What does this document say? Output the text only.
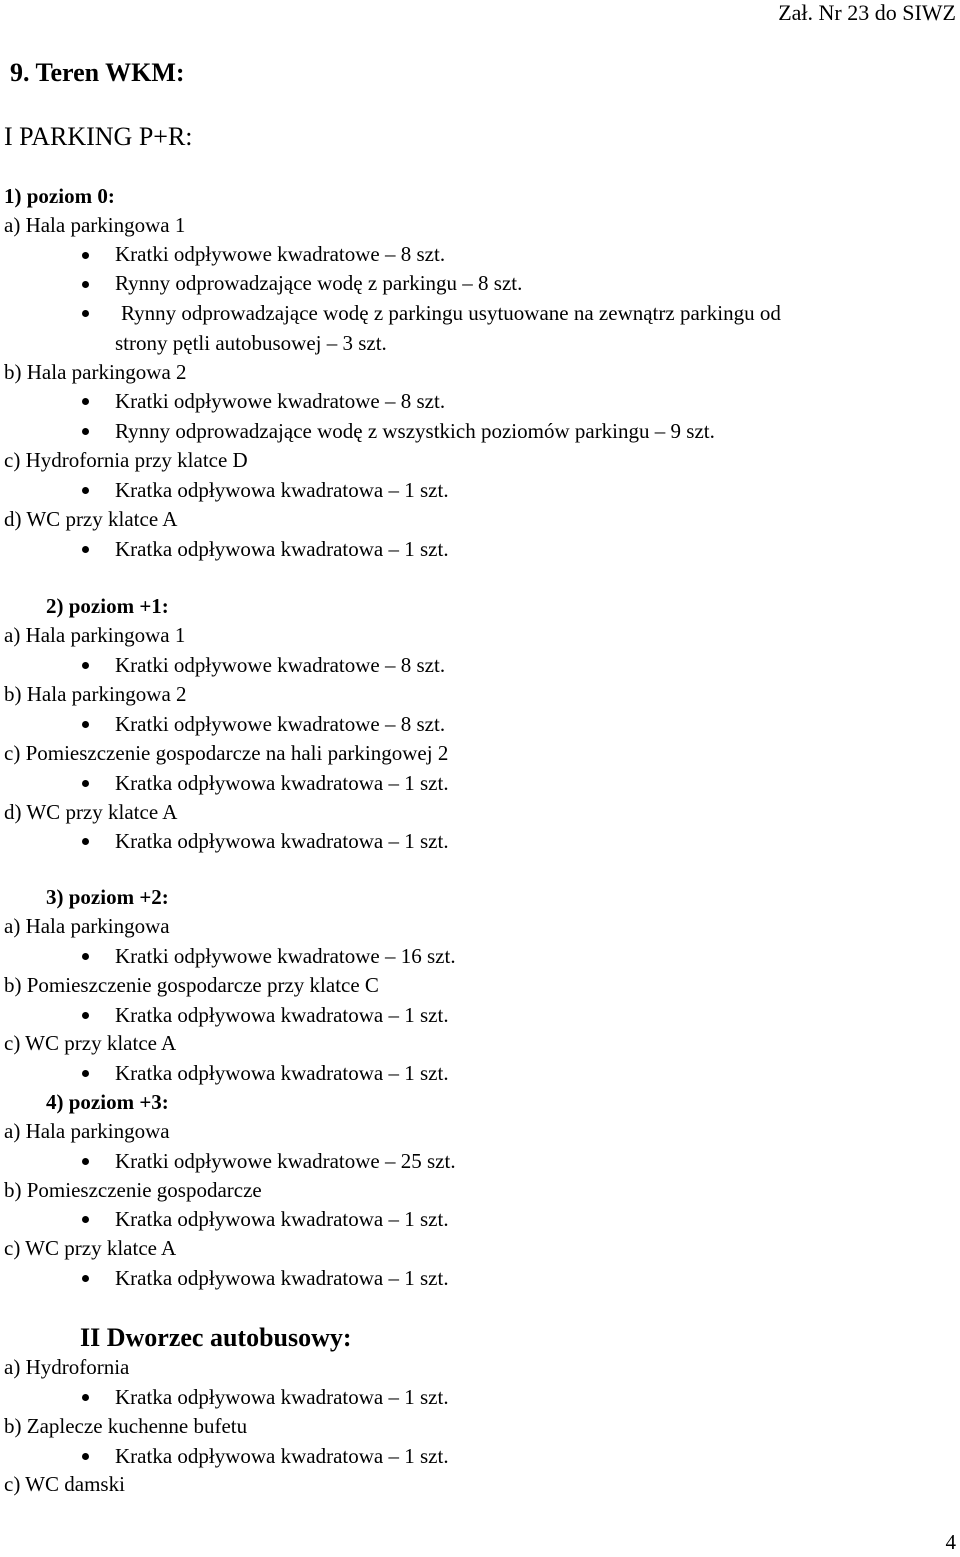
Zał. Nr 23 do SIWZ
9. Teren WKM:
I PARKING P+R:
1) poziom 0:
a) Hala parkingowa 1
Kratki odpływowe kwadratowe – 8 szt.
Rynny odprowadzające wodę z parkingu – 8 szt.
Rynny odprowadzające wodę z parkingu usytuowane na zewnątrz parkingu od
strony pętli autobusowej – 3 szt.
b) Hala parkingowa 2
Kratki odpływowe kwadratowe – 8 szt.
Rynny odprowadzające wodę z wszystkich poziomów parkingu – 9 szt.
c) Hydrofornia przy klatce D
Kratka odpływowa kwadratowa – 1 szt.
d) WC przy klatce A
Kratka odpływowa kwadratowa – 1 szt.
2) poziom +1:
a) Hala parkingowa 1
Kratki odpływowe kwadratowe – 8 szt.
b) Hala parkingowa 2
Kratki odpływowe kwadratowe – 8 szt.
c) Pomieszczenie gospodarcze na hali parkingowej 2
Kratka odpływowa kwadratowa – 1 szt.
d) WC przy klatce A
Kratka odpływowa kwadratowa – 1 szt.
3) poziom +2:
a) Hala parkingowa
Kratki odpływowe kwadratowe – 16 szt.
b) Pomieszczenie gospodarcze przy klatce C
Kratka odpływowa kwadratowa – 1 szt.
c) WC przy klatce A
Kratka odpływowa kwadratowa – 1 szt.
4) poziom +3:
a) Hala parkingowa
Kratki odpływowe kwadratowe – 25 szt.
b) Pomieszczenie gospodarcze
Kratka odpływowa kwadratowa – 1 szt.
c) WC przy klatce A
Kratka odpływowa kwadratowa – 1 szt.
II Dworzec autobusowy:
a) Hydrofornia
Kratka odpływowa kwadratowa – 1 szt.
b) Zaplecze kuchenne bufetu
Kratka odpływowa kwadratowa – 1 szt.
c) WC damski
4
